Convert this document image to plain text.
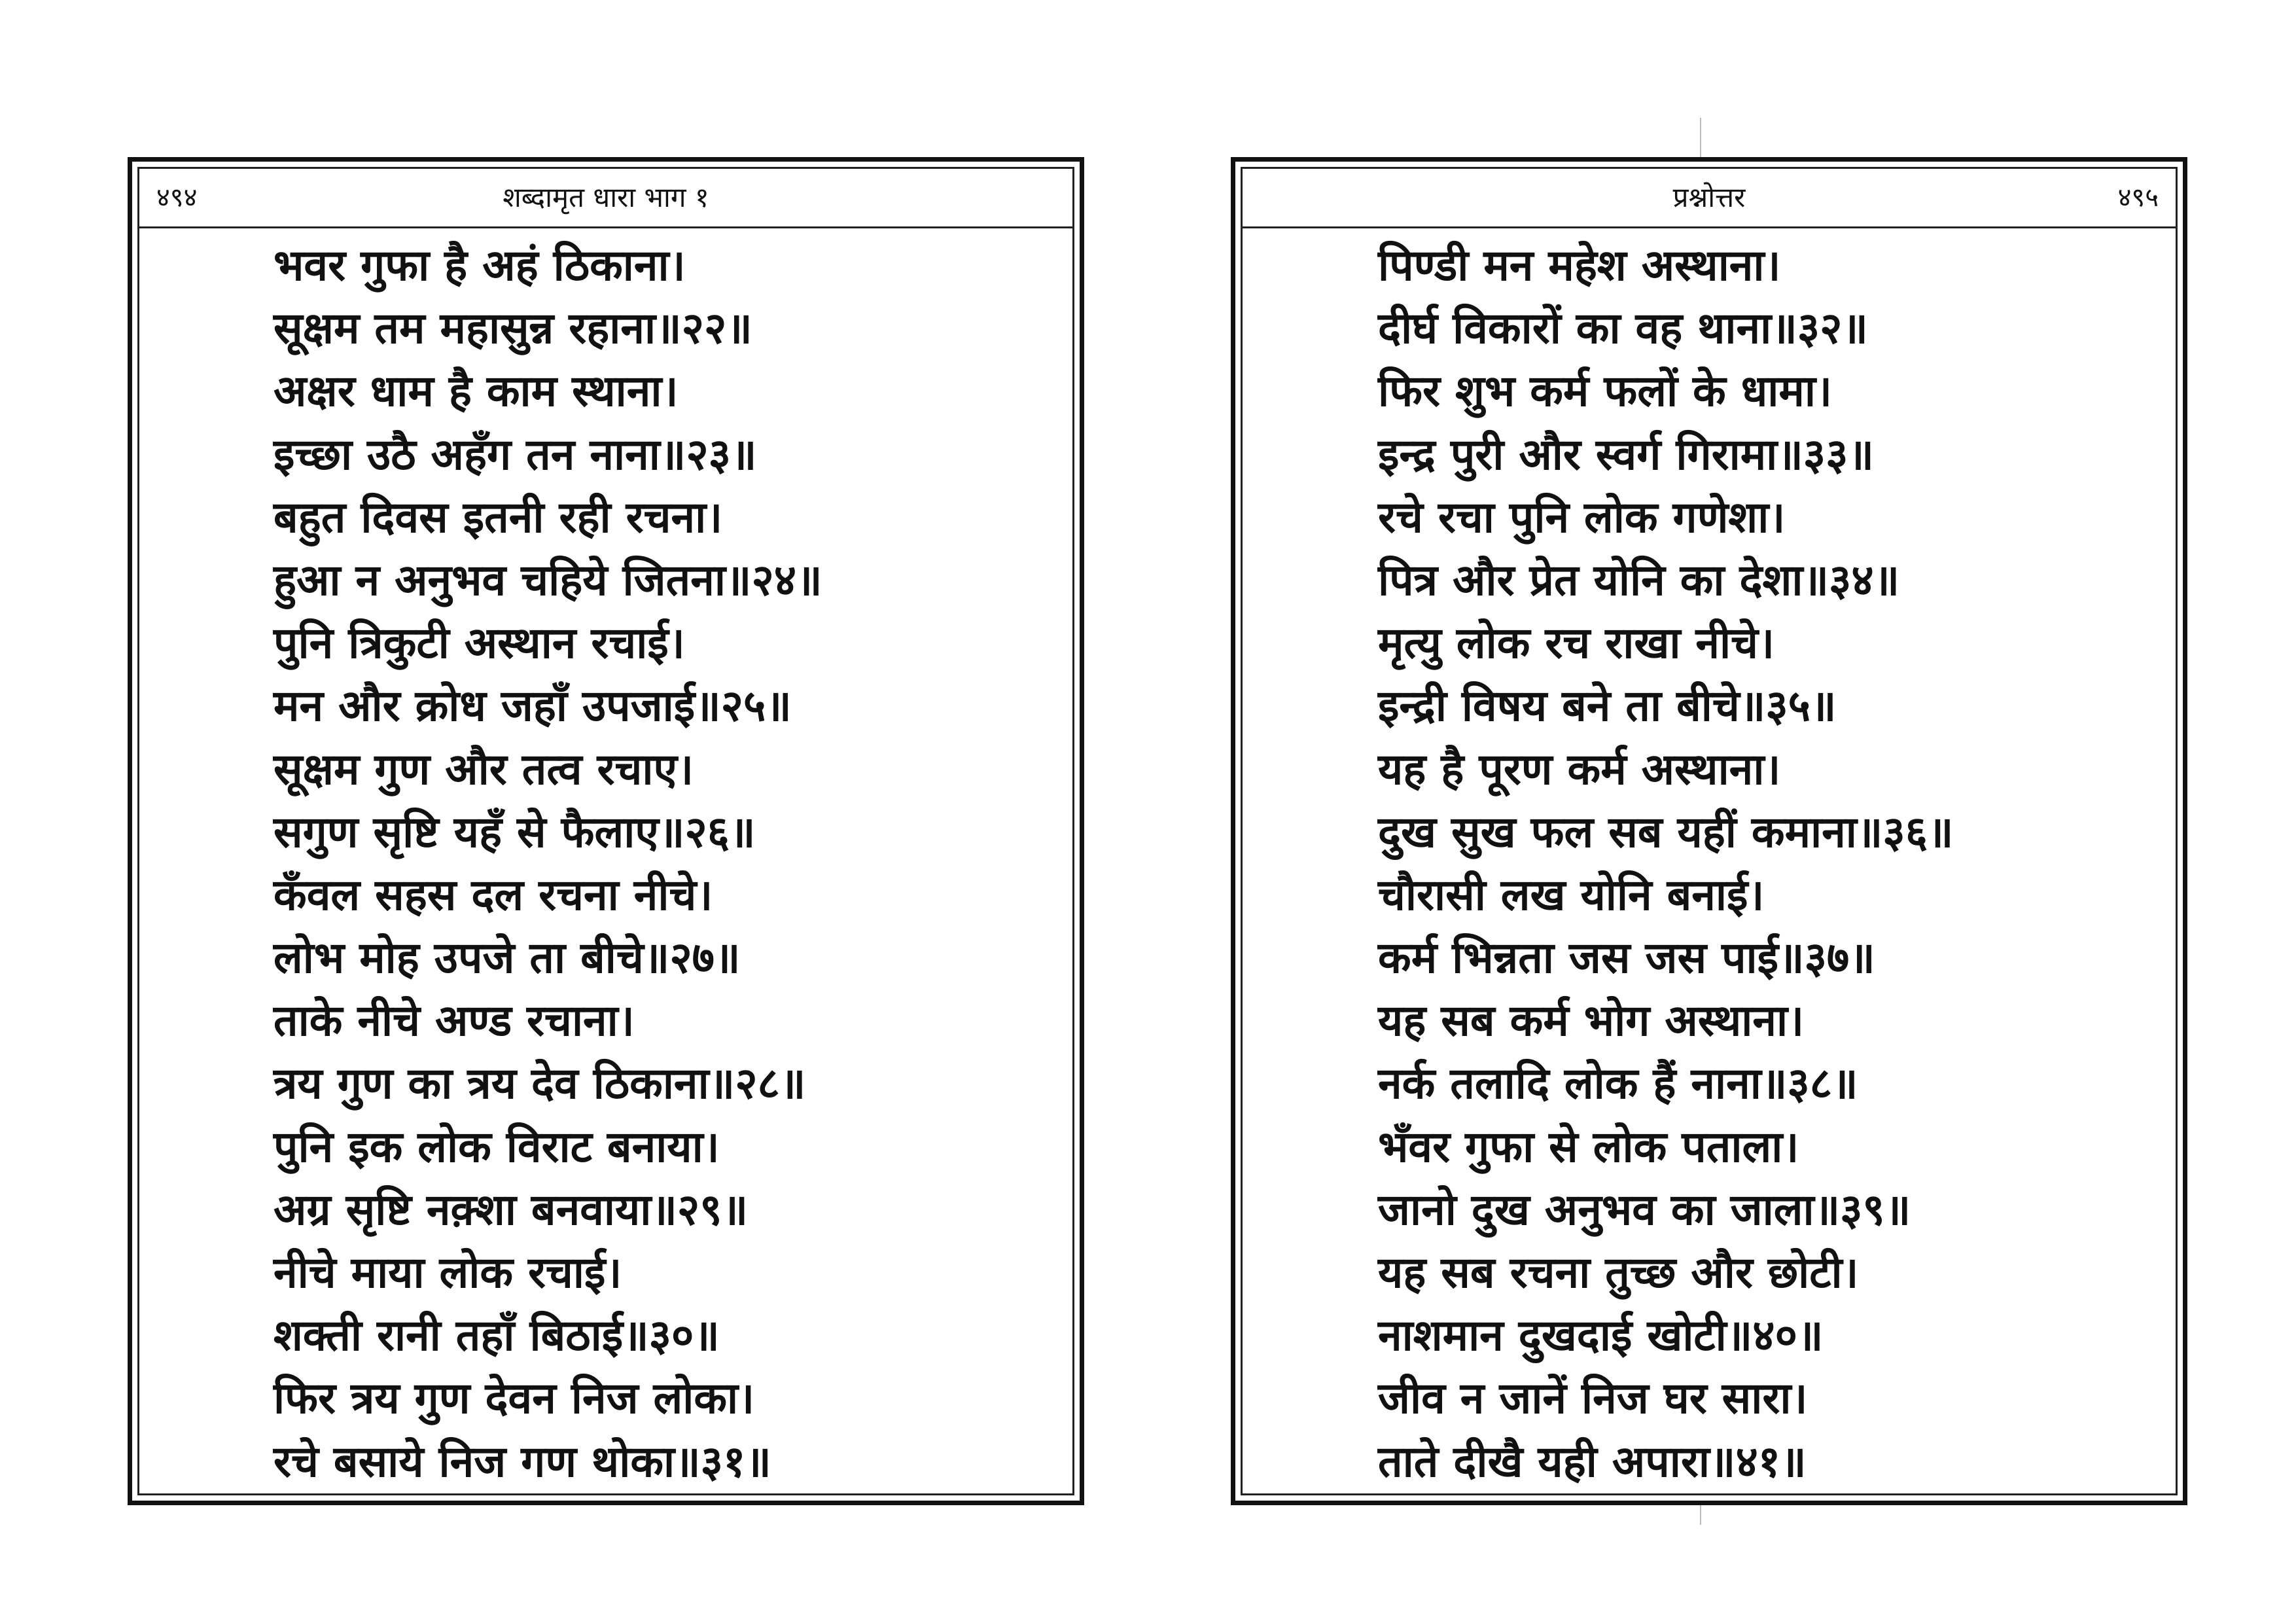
४९४	शब्दामृत धारा भाग १
भवर गुफा है अहं ठिकाना।
सूक्षम तम महासुन्न रहाना॥२२॥
अक्षर धाम है काम स्थाना।
इच्छा उठै अहँग तन नाना॥२३॥
बहुत दिवस इतनी रही रचना।
हुआ न अनुभव चहिये जितना॥२४॥
पुनि त्रिकुटी अस्थान रचाई।
मन और क्रोध जहाँ उपजाई॥२५॥
सूक्षम गुण और तत्व रचाए।
सगुण सृष्टि यहँ से फैलाए॥२६॥
कँवल सहस दल रचना नीचे।
लोभ मोह उपजे ता बीचे॥२७॥
ताके नीचे अण्ड रचाना।
त्रय गुण का त्रय देव ठिकाना॥२८॥
पुनि इक लोक विराट बनाया।
अग्र सृष्टि नक़्शा बनवाया॥२९॥
नीचे माया लोक रचाई।
शक्ती रानी तहाँ बिठाई॥३०॥
फिर त्रय गुण देवन निज लोका।
रचे बसाये निज गण थोका॥३१॥
प्रश्नोत्तर	४९५
पिण्डी मन महेश अस्थाना।
दीर्घ विकारों का वह थाना॥३२॥
फिर शुभ कर्म फलों के धामा।
इन्द्र पुरी और स्वर्ग गिरामा॥३३॥
रचे रचा पुनि लोक गणेशा।
पित्र और प्रेत योनि का देशा॥३४॥
मृत्यु लोक रच राखा नीचे।
इन्द्री विषय बने ता बीचे॥३५॥
यह है पूरण कर्म अस्थाना।
दुख सुख फल सब यहीं कमाना॥३६॥
चौरासी लख योनि बनाई।
कर्म भिन्नता जस जस पाई॥३७॥
यह सब कर्म भोग अस्थाना।
नर्क तलादि लोक हैं नाना॥३८॥
भँवर गुफा से लोक पताला।
जानो दुख अनुभव का जाला॥३९॥
यह सब रचना तुच्छ और छोटी।
नाशमान दुखदाई खोटी॥४०॥
जीव न जानें निज घर सारा।
ताते दीखै यही अपारा॥४१॥
